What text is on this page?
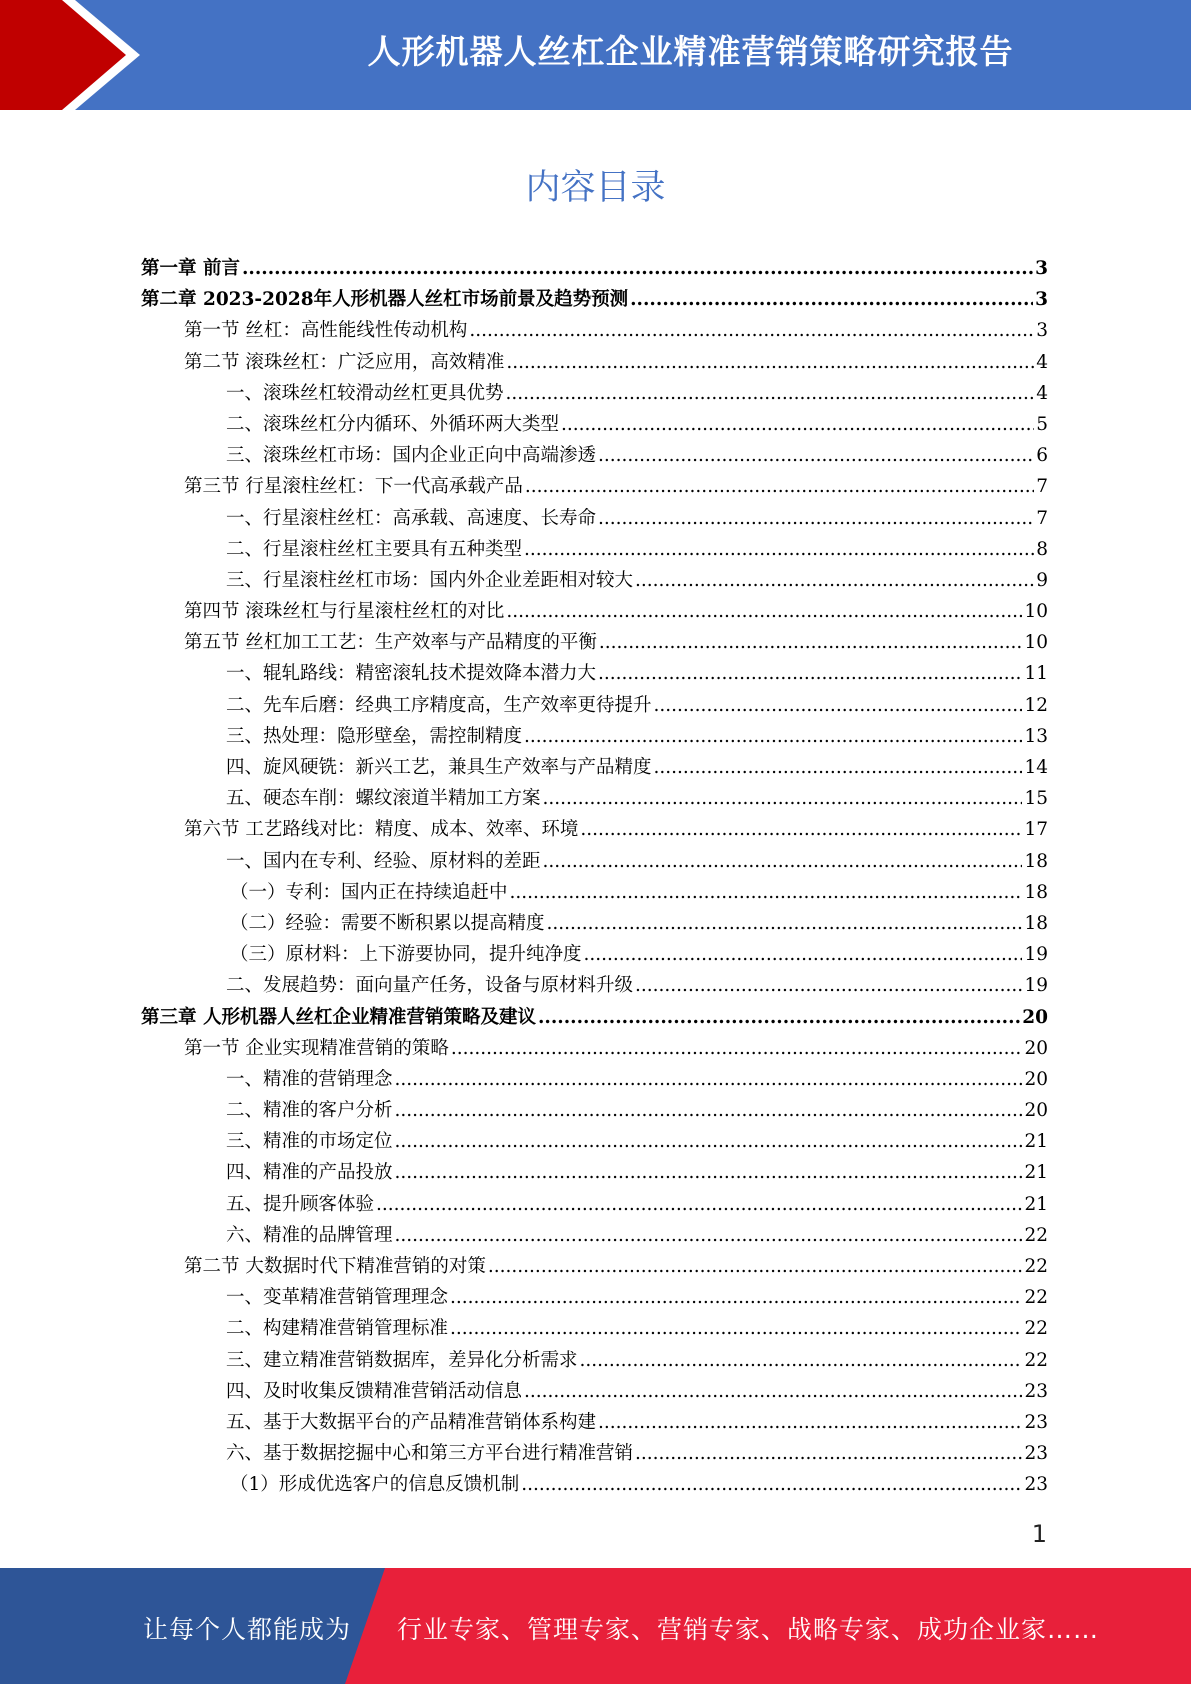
人形机器人丝杠企业精准营销策略研究报告
内容目录
第一章 前言 .....	3
第二章 2023-2028年人形机器人丝杠市场前景及趋势预测 .....	3
第一节 丝杠：高性能线性传动机构 .....	3
第二节 滚珠丝杠：广泛应用，高效精准 .....	4
一、滚珠丝杠较滑动丝杠更具优势 .....	4
二、滚珠丝杠分内循环、外循环两大类型 .....	5
三、滚珠丝杠市场：国内企业正向中高端渗透 .....	6
第三节 行星滚柱丝杠：下一代高承载产品 .....	7
一、行星滚柱丝杠：高承载、高速度、长寿命 .....	7
二、行星滚柱丝杠主要具有五种类型 .....	8
三、行星滚柱丝杠市场：国内外企业差距相对较大 .....	9
第四节 滚珠丝杠与行星滚柱丝杠的对比 .....	10
第五节 丝杠加工工艺：生产效率与产品精度的平衡 .....	10
一、辊轧路线：精密滚轧技术提效降本潜力大 .....	11
二、先车后磨：经典工序精度高，生产效率更待提升 .....	12
三、热处理：隐形壁垒，需控制精度 .....	13
四、旋风硬铣：新兴工艺，兼具生产效率与产品精度 .....	14
五、硬态车削：螺纹滚道半精加工方案 .....	15
第六节 工艺路线对比：精度、成本、效率、环境 .....	17
一、国内在专利、经验、原材料的差距 .....	18
（一）专利：国内正在持续追赶中 .....	18
（二）经验：需要不断积累以提高精度 .....	18
（三）原材料：上下游要协同，提升纯净度 .....	19
二、发展趋势：面向量产任务，设备与原材料升级 .....	19
第三章 人形机器人丝杠企业精准营销策略及建议 .....	20
第一节 企业实现精准营销的策略 .....	20
一、精准的营销理念 .....	20
二、精准的客户分析 .....	20
三、精准的市场定位 .....	21
四、精准的产品投放 .....	21
五、提升顾客体验 .....	21
六、精准的品牌管理 .....	22
第二节 大数据时代下精准营销的对策 .....	22
一、变革精准营销管理理念 .....	22
二、构建精准营销管理标准 .....	22
三、建立精准营销数据库，差异化分析需求 .....	22
四、及时收集反馈精准营销活动信息 .....	23
五、基于大数据平台的产品精准营销体系构建 .....	23
六、基于数据挖掘中心和第三方平台进行精准营销 .....	23
（1）形成优选客户的信息反馈机制 .....	23
1
让每个人都能成为 行业专家、管理专家、营销专家、战略专家、成功企业家……
